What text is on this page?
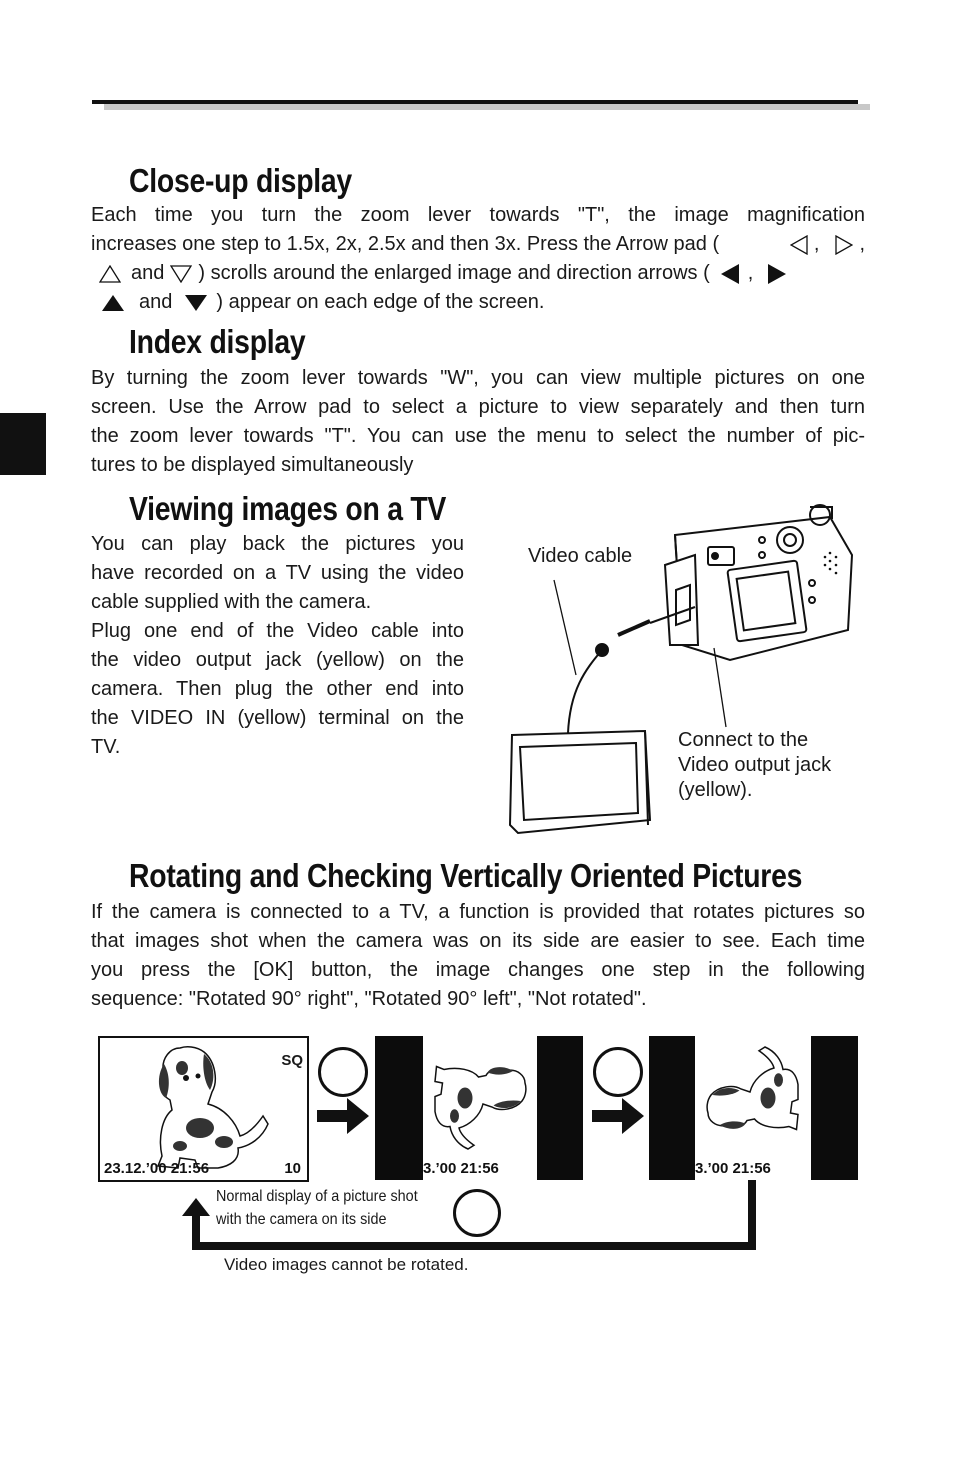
Close-up display
Each time you turn the zoom lever towards "T", the image magnification
increases one step to 1.5x, 2x, 2.5x and then 3x. Press the Arrow pad (	, ,
and ) scrolls around the enlarged image and direction arrows ( ,
and ) appear on each edge of the screen.
Index display
By turning the zoom lever towards "W", you can view multiple pictures on one
screen. Use the Arrow pad to select a picture to view separately and then turn
the zoom lever towards "T". You can use the menu to select the number of pic-
tures to be displayed simultaneously
Viewing images on a TV
You can play back the pictures you
have recorded on a TV using the video
cable supplied with the camera.
Plug one end of the Video cable into
the video output jack (yellow) on the
camera. Then plug the other end into
the VIDEO IN (yellow) terminal on the
TV.
Video cable
Connect to the
Video output jack
(yellow).
Rotating and Checking Vertically Oriented Pictures
If the camera is connected to a TV, a function is provided that rotates pictures so
that images shot when the camera was on its side are easier to see. Each time
you press the [OK] button, the image changes one step in the following
sequence: "Rotated 90° right", "Rotated 90° left", "Not rotated".
SQ
23.12.’00 21:56	10	3.’00 21:56	3.’00 21:56
Normal display of a picture shot
with the camera on its side
Video images cannot be rotated.
